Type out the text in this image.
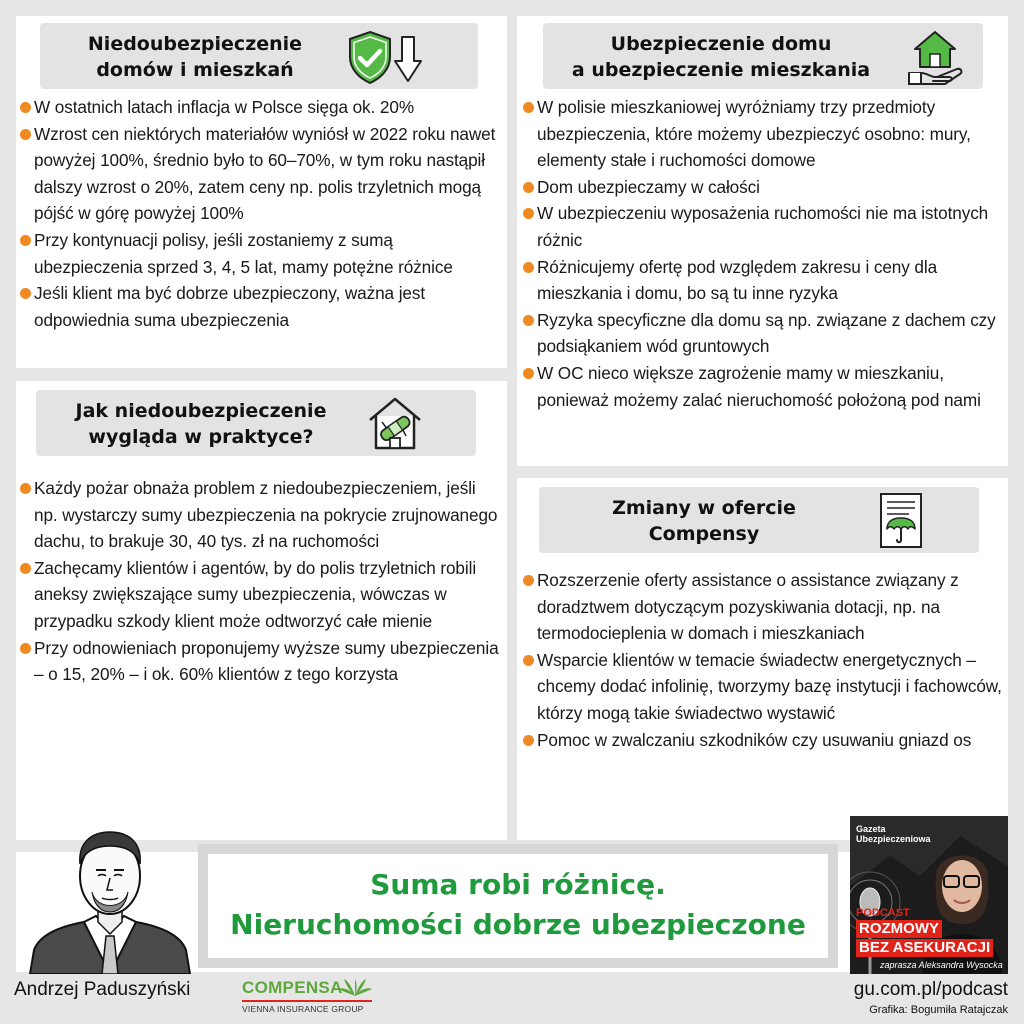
Niedoubezpieczenie
domów i mieszkań
W ostatnich latach inflacja w Polsce sięga ok. 20%
Wzrost cen niektórych materiałów wyniósł w 2022 roku nawet powyżej 100%, średnio było to 60–70%, w tym roku nastąpił dalszy wzrost o 20%, zatem ceny np. polis trzyletnich mogą pójść w górę powyżej 100%
Przy kontynuacji polisy, jeśli zostaniemy z sumą ubezpieczenia sprzed 3, 4, 5 lat, mamy potężne różnice
Jeśli klient ma być dobrze ubezpieczony, ważna jest odpowiednia suma ubezpieczenia
Jak niedoubezpieczenie
wygląda w praktyce?
Każdy pożar obnaża problem z niedoubezpieczeniem, jeśli np. wystarczy sumy ubezpieczenia na pokrycie zrujnowanego dachu, to brakuje 30, 40 tys. zł na ruchomości
Zachęcamy klientów i agentów, by do polis trzyletnich robili aneksy zwiększające sumy ubezpieczenia, wówczas w przypadku szkody klient może odtworzyć całe mienie
Przy odnowieniach proponujemy wyższe sumy ubezpieczenia – o 15, 20% – i ok. 60% klientów z tego korzysta
Ubezpieczenie domu
a ubezpieczenie mieszkania
W polisie mieszkaniowej wyróżniamy trzy przedmioty ubezpieczenia, które możemy ubezpieczyć osobno: mury, elementy stałe i ruchomości domowe
Dom ubezpieczamy w całości
W ubezpieczeniu wyposażenia ruchomości nie ma istotnych różnic
Różnicujemy ofertę pod względem zakresu i ceny dla mieszkania i domu, bo są tu inne ryzyka
Ryzyka specyficzne dla domu są np. związane z dachem czy podsiąkaniem wód gruntowych
W OC nieco większe zagrożenie mamy w mieszkaniu, ponieważ możemy zalać nieruchomość położoną pod nami
Zmiany w ofercie
Compensy
Rozszerzenie oferty assistance o assistance związany z doradztwem dotyczącym pozyskiwania dotacji, np. na termodocieplenia w domach i mieszkaniach
Wsparcie klientów w temacie świadectw energetycznych – chcemy dodać infolinię, tworzymy bazę instytucji i fachowców, którzy mogą takie świadectwo wystawić
Pomoc w zwalczaniu szkodników czy usuwaniu gniazd os
Suma robi różnicę.
Nieruchomości dobrze ubezpieczone
Gazeta
Ubezpieczeniowa
PODCAST
ROZMOWY
BEZ ASEKURACJI
zaprasza Aleksandra Wysocka
Andrzej Paduszyński	COMPENSA
VIENNA INSURANCE GROUP
gu.com.pl/podcast
Grafika: Bogumiła Ratajczak
